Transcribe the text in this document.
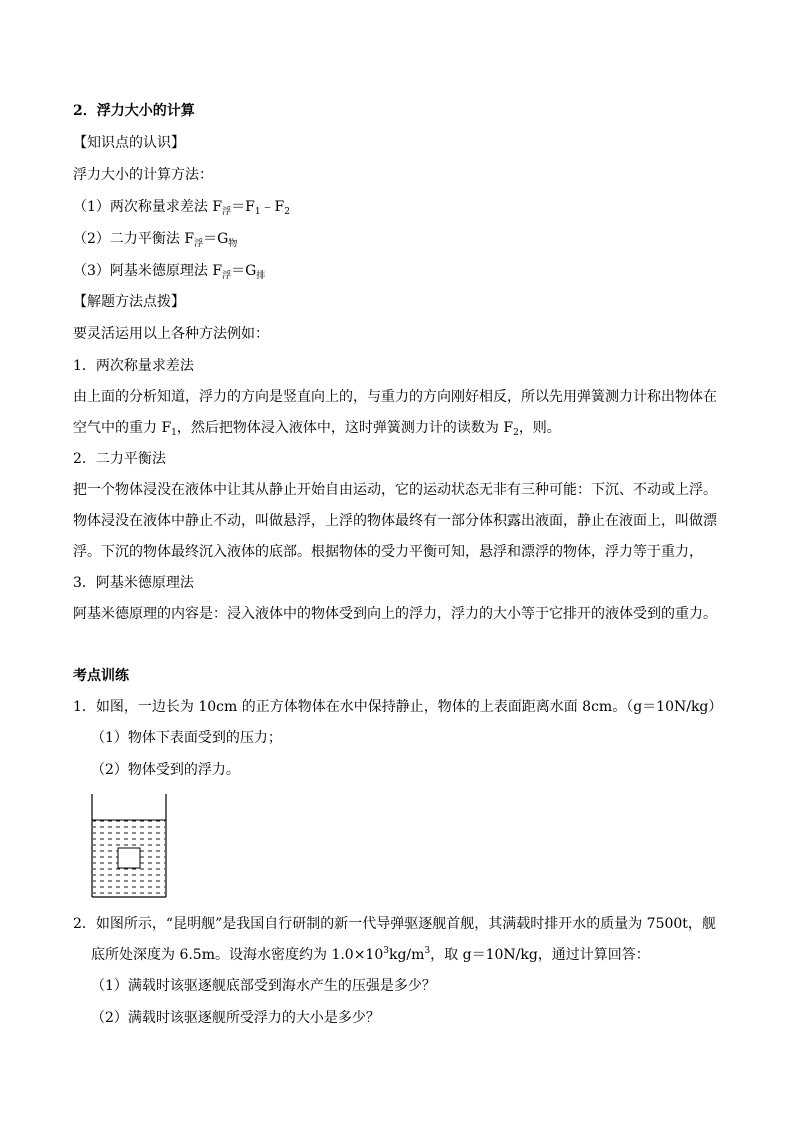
2．浮力大小的计算
【知识点的认识】
浮力大小的计算方法：
（1）两次称量求差法 $F_浮=F_1﹣F_2$
（2）二力平衡法 $F_浮=G_物$
（3）阿基米德原理法 $F_浮=G_排$
【解题方法点拨】
要灵活运用以上各种方法例如：
1．两次称量求差法
由上面的分析知道，浮力的方向是竖直向上的，与重力的方向刚好相反，所以先用弹簧测力计称出物体在
空气中的重力 $F_1$，然后把物体浸入液体中，这时弹簧测力计的读数为 $F_2$，则。
2．二力平衡法
把一个物体浸没在液体中让其从静止开始自由运动，它的运动状态无非有三种可能：下沉、不动或上浮。
物体浸没在液体中静止不动，叫做悬浮，上浮的物体最终有一部分体积露出液面，静止在液面上，叫做漂
浮。下沉的物体最终沉入液体的底部。根据物体的受力平衡可知，悬浮和漂浮的物体，浮力等于重力，
3．阿基米德原理法
阿基米德原理的内容是：浸入液体中的物体受到向上的浮力，浮力的大小等于它排开的液体受到的重力。
考点训练
1．如图，一边长为 10cm 的正方体物体在水中保持静止，物体的上表面距离水面 8cm。（g＝10N/kg）
（1）物体下表面受到的压力；
（2）物体受到的浮力。
2．如图所示，“昆明舰”是我国自行研制的新一代导弹驱逐舰首舰，其满载时排开水的质量为 7500t，舰
底所处深度为 6.5m。设海水密度约为 $1.0\times 10^3kg/m^3$，取 g＝10N/kg，通过计算回答：
（1）满载时该驱逐舰底部受到海水产生的压强是多少？
（2）满载时该驱逐舰所受浮力的大小是多少？
